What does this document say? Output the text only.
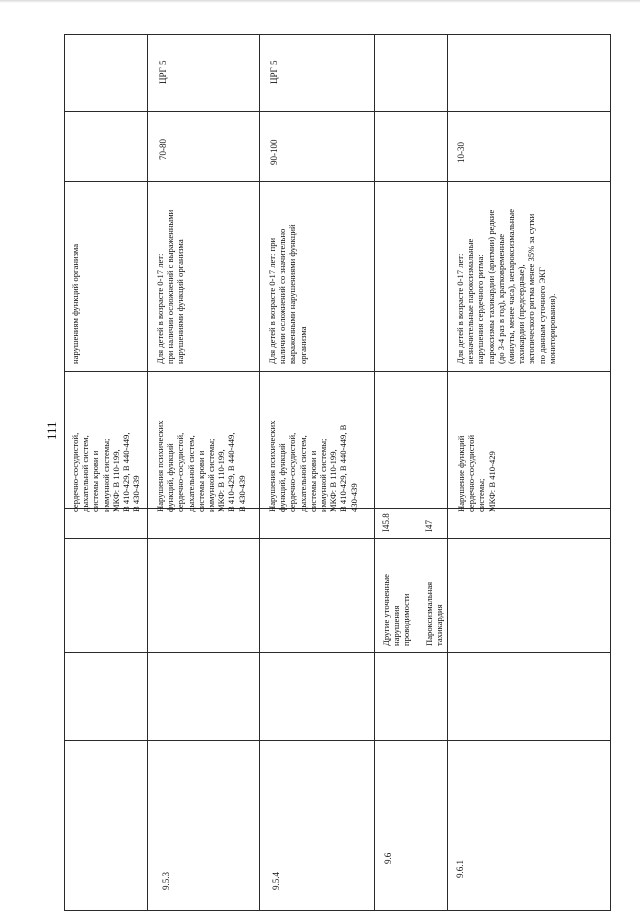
111
сердечно-сосудистой,
дыхательной систем,
системы крови и
иммунной системы;
МКФ: B 110-199,
B 410-429, B 440-449,
B 430-439
нарушениям функций организма
9.5.3
Нарушения психических
функций, функций
сердечно-сосудистой,
дыхательной систем,
системы крови и
иммунной системы;
МКФ: B 110-199,
B 410-429, B 440-449,
B 430-439
Для детей в возрасте 0-17 лет:
при наличии осложнений с выраженными
нарушениями функций организма
70-80
ЦРГ 5
9.5.4
Нарушения психических
функций, функций
сердечно-сосудистой,
дыхательной систем,
системы крови и
иммунной системы;
МКФ: B 110-199,
B 410-429, B 440-449, B
430-439
Для детей в возрасте 0-17 лет: при
наличии осложнений со значительно
выраженными нарушениями функций
организма
90-100
ЦРГ 5
9.6
Другие уточненные
нарушения
проводимости Пароксизмальная
тахикардия
I45.8	I47
9.6.1
Нарушение функций
сердечно-сосудистой
системы;
МКФ: B 410-429
Для детей в возрасте 0-17 лет:
незначительные пароксизмальные
нарушения сердечного ритма:
пароксизмы тахикардии (аритмии) редкие
(до 3-4 раз в год), кратковременные
(минуты, менее часа), непароксизмальные
тахикардии (предсердные),
эктопического ритма менее 35% за сутки
по данным суточного ЭКГ
мониторирования).
10-30
